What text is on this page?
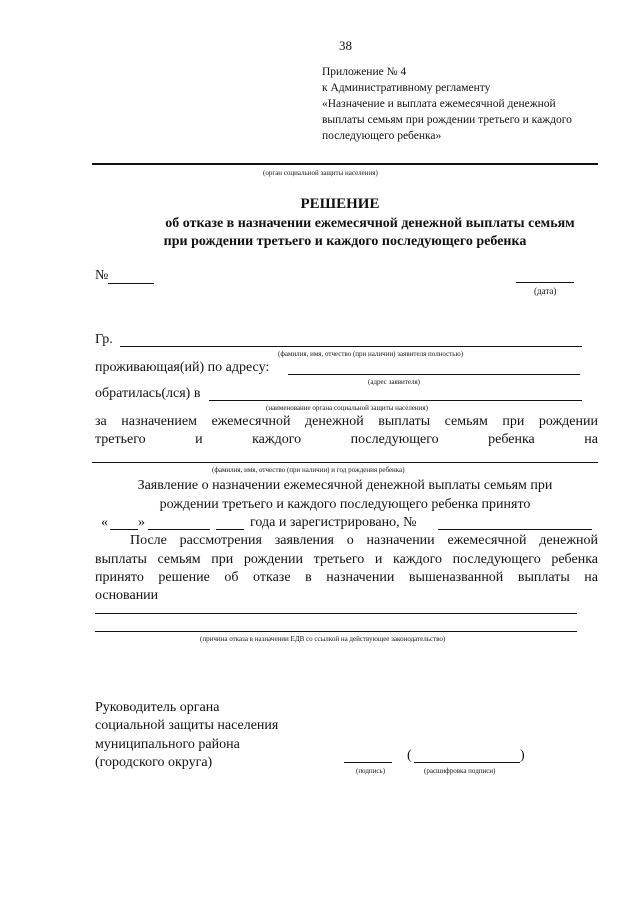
38
Приложение № 4
к Административному регламенту
«Назначение и выплата ежемесячной денежной
выплаты семьям при рождении третьего и каждого
последующего ребенка»
(орган социальной защиты населения)
РЕШЕНИЕ
об отказе в назначении ежемесячной денежной выплаты семьям
при рождении третьего и каждого последующего ребенка
№
(дата)
Гр.
(фамилия, имя, отчество (при наличии) заявителя полностью)
проживающая(ий) по адресу:
(адрес заявителя)
обратилась(лся) в
(наименование органа социальной защиты населения)
за назначением ежемесячной денежной выплаты семьям при рождении
третьего	и	каждого	последующего	ребенка	на
(фамилия, имя, отчество (при наличии) и год рождения ребенка)
Заявление о назначении ежемесячной денежной выплаты семьям при
рождении третьего и каждого последующего ребенка принято
« »	года и зарегистрировано, №
После рассмотрения заявления о назначении ежемесячной денежной
выплаты семьям при рождении третьего и каждого последующего ребенка
принято решение об отказе в назначении вышеназванной выплаты на
основании
(причина отказа в назначении ЕДВ со ссылкой на действующее законодательство)
Руководитель органа
социальной защиты населения
муниципального района
(городского округа)
(подпись)
(	)
(расшифровка подписи)
